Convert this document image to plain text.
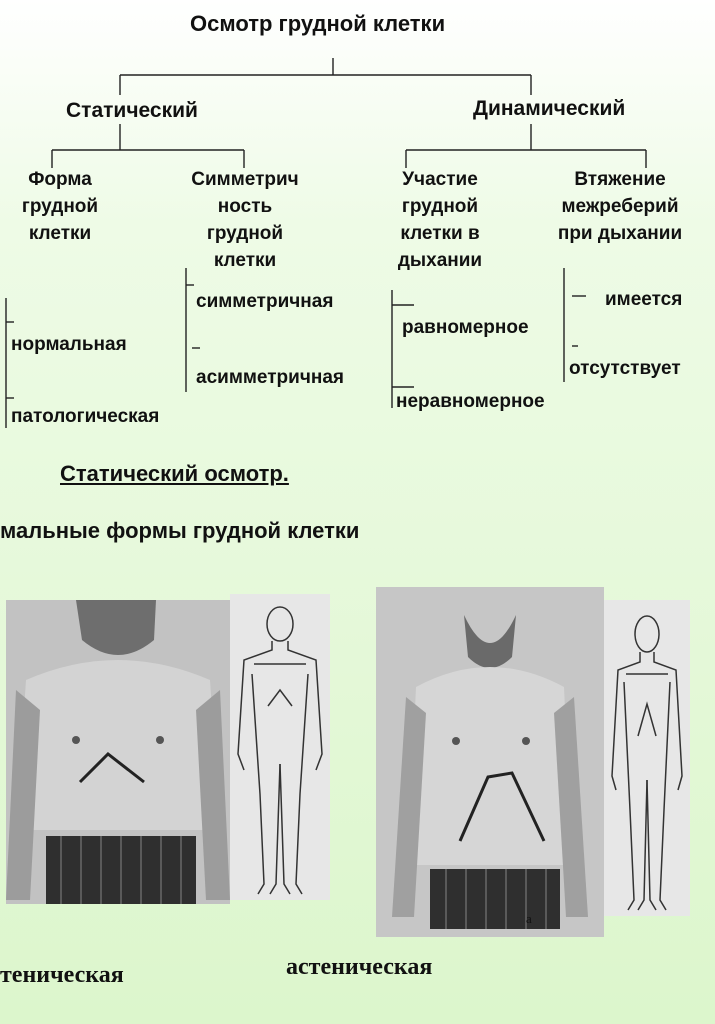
Осмотр грудной клетки
Статический	Динамический
Форма
грудной
клетки
Симметрич
ность
грудной
клетки
Участие
грудной
клетки в
дыхании
Втяжение
межреберий
при дыхании
нормальная
патологическая
симметричная
асимметричная
равномерное
неравномерное
имеется
отсутствует
Статический осмотр.
мальные формы грудной клетки
a
теническая	астеническая
